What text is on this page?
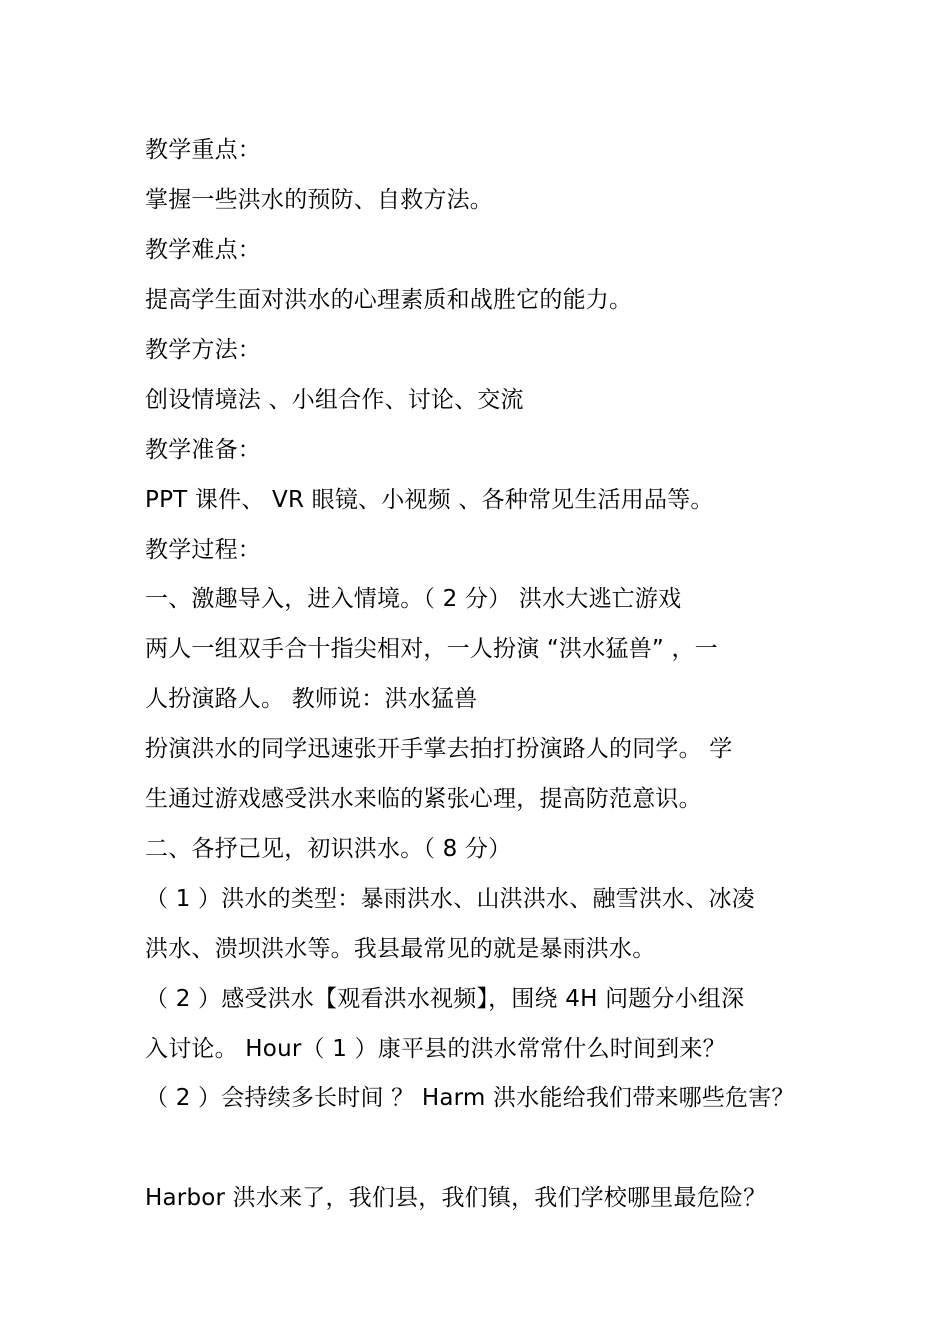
教学重点：
掌握一些洪水的预防、自救方法。
教学难点：
提高学生面对洪水的心理素质和战胜它的能力。
教学方法：
创设情境法 、小组合作、讨论、交流
教学准备：
PPT 课件、 VR 眼镜、小视频 、各种常见生活用品等。
教学过程：
一、激趣导入，进入情境。（ 2 分） 洪水大逃亡游戏
两人一组双手合十指尖相对，一人扮演 “洪水猛兽” ，一
人扮演路人。 教师说：洪水猛兽
扮演洪水的同学迅速张开手掌去拍打扮演路人的同学。 学
生通过游戏感受洪水来临的紧张心理，提高防范意识。
二、各抒己见，初识洪水。（ 8 分）
（ 1 ）洪水的类型：暴雨洪水、山洪洪水、融雪洪水、冰凌
洪水、溃坝洪水等。我县最常见的就是暴雨洪水。
（ 2 ）感受洪水【观看洪水视频】，围绕 4H 问题分小组深
入讨论。 Hour（ 1 ）康平县的洪水常常什么时间到来？
（ 2 ）会持续多长时间 ？ Harm 洪水能给我们带来哪些危害？
Harbor 洪水来了，我们县，我们镇，我们学校哪里最危险？
